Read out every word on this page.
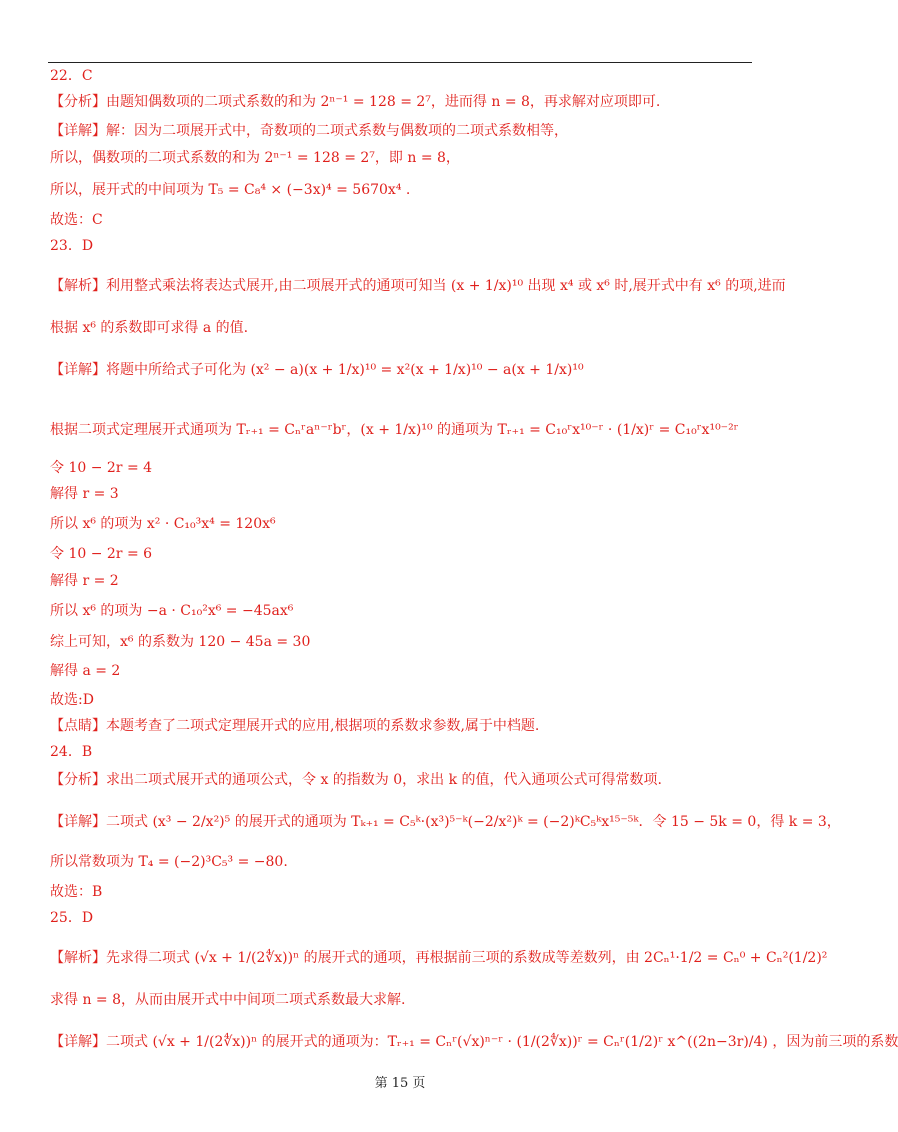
22．C
【分析】由题知偶数项的二项式系数的和为 2ⁿ⁻¹ = 128 = 2⁷，进而得 n = 8，再求解对应项即可.
【详解】解：因为二项展开式中，奇数项的二项式系数与偶数项的二项式系数相等，
所以，偶数项的二项式系数的和为 2ⁿ⁻¹ = 128 = 2⁷，即 n = 8，
所以，展开式的中间项为 T₅ = C₈⁴ × (−3x)⁴ = 5670x⁴ .
故选：C
23．D
【解析】利用整式乘法将表达式展开,由二项展开式的通项可知当 (x + 1/x)¹⁰ 出现 x⁴ 或 x⁶ 时,展开式中有 x⁶ 的项,进而
根据 x⁶ 的系数即可求得 a 的值.
【详解】将题中所给式子可化为 (x² − a)(x + 1/x)¹⁰ = x²(x + 1/x)¹⁰ − a(x + 1/x)¹⁰
根据二项式定理展开式通项为 Tᵣ₊₁ = Cₙʳaⁿ⁻ʳbʳ，(x + 1/x)¹⁰ 的通项为 Tᵣ₊₁ = C₁₀ʳx¹⁰⁻ʳ · (1/x)ʳ = C₁₀ʳx¹⁰⁻²ʳ
令 10 − 2r = 4
解得 r = 3
所以 x⁶ 的项为 x² · C₁₀³x⁴ = 120x⁶
令 10 − 2r = 6
解得 r = 2
所以 x⁶ 的项为 −a · C₁₀²x⁶ = −45ax⁶
综上可知，x⁶ 的系数为 120 − 45a = 30
解得 a = 2
故选:D
【点睛】本题考查了二项式定理展开式的应用,根据项的系数求参数,属于中档题.
24．B
【分析】求出二项式展开式的通项公式，令 x 的指数为 0，求出 k 的值，代入通项公式可得常数项.
【详解】二项式 (x³ − 2/x²)⁵ 的展开式的通项为 Tₖ₊₁ = C₅ᵏ·(x³)⁵⁻ᵏ(−2/x²)ᵏ = (−2)ᵏC₅ᵏx¹⁵⁻⁵ᵏ．令 15 − 5k = 0，得 k = 3，
所以常数项为 T₄ = (−2)³C₅³ = −80.
故选：B
25．D
【解析】先求得二项式 (√x + 1/(2∜x))ⁿ 的展开式的通项，再根据前三项的系数成等差数列，由 2Cₙ¹·1/2 = Cₙ⁰ + Cₙ²(1/2)²
求得 n = 8，从而由展开式中中间项二项式系数最大求解.
【详解】二项式 (√x + 1/(2∜x))ⁿ 的展开式的通项为：Tᵣ₊₁ = Cₙʳ(√x)ⁿ⁻ʳ · (1/(2∜x))ʳ = Cₙʳ(1/2)ʳ x^((2n−3r)/4) ，因为前三项的系数
第 15 页
